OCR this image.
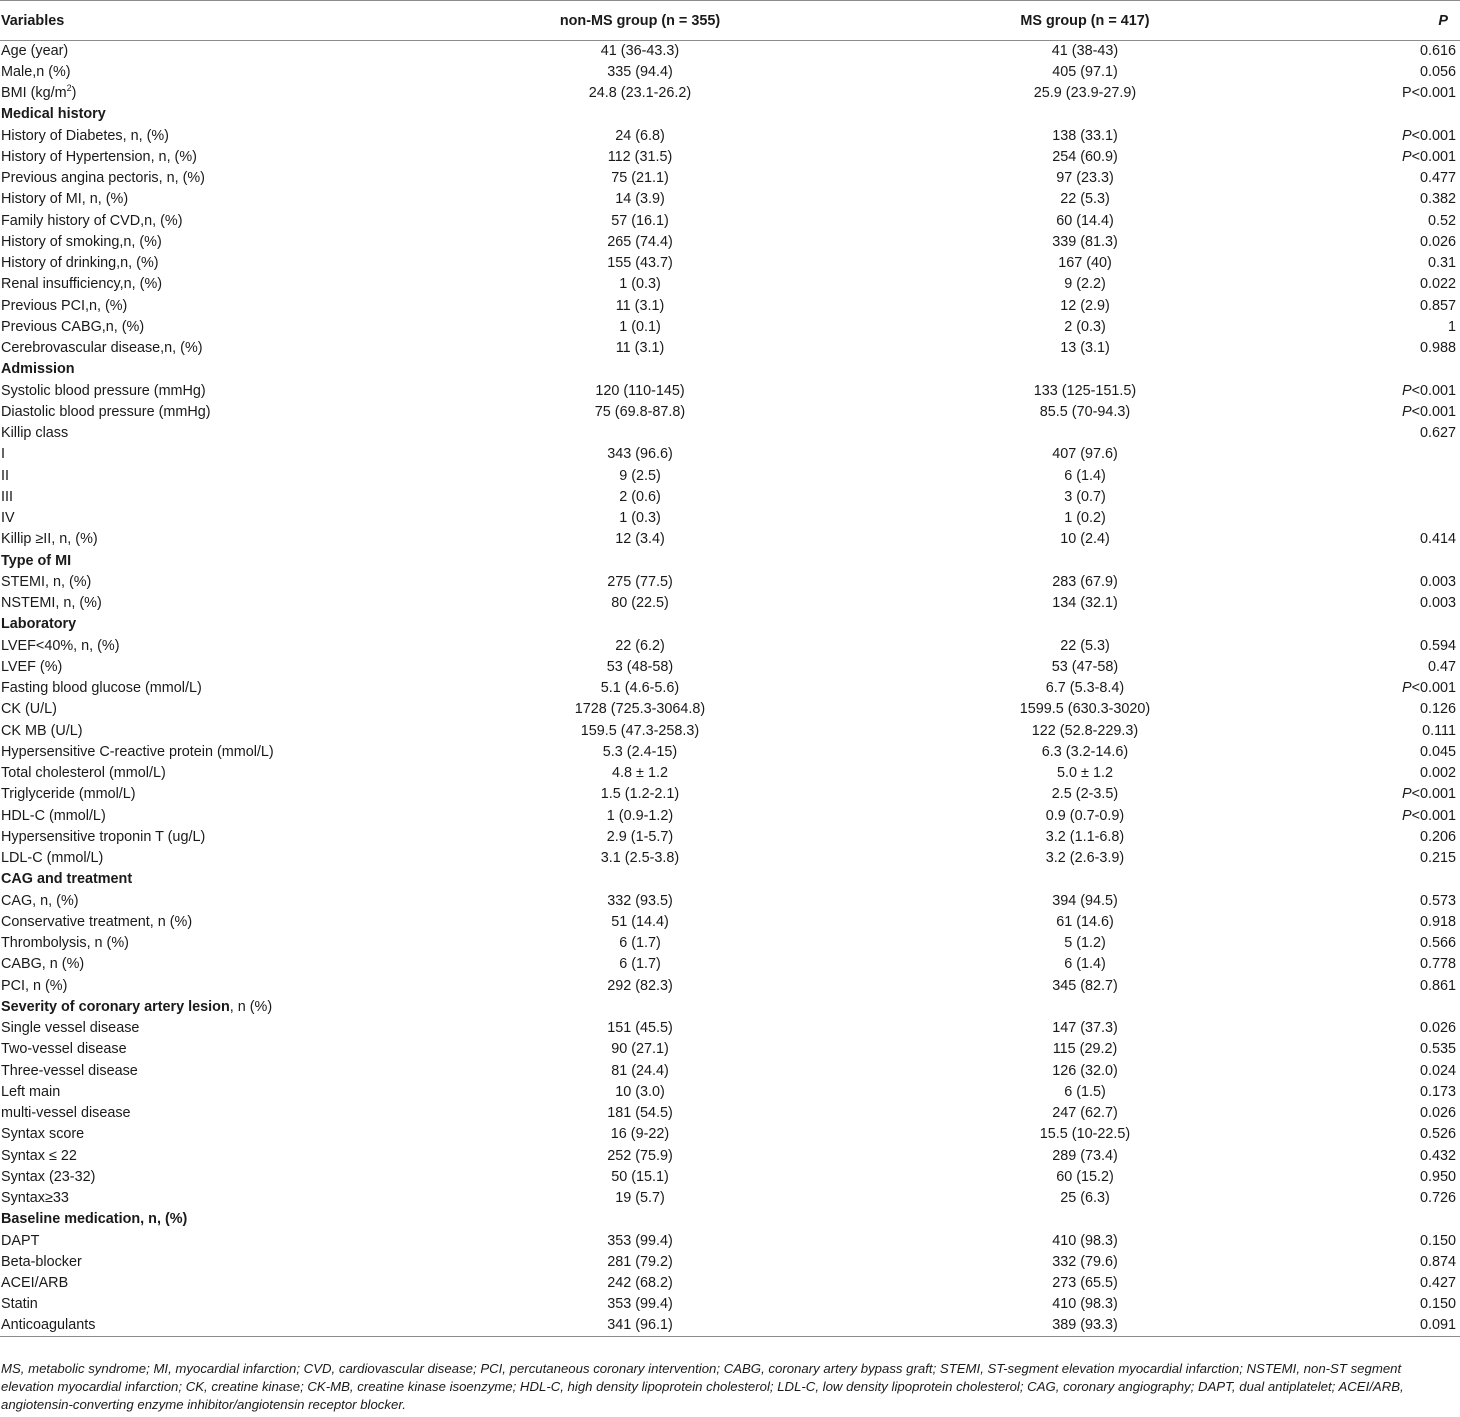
Variables	non-MS group (n = 355)	MS group (n = 417)	P
Age (year)	41 (36-43.3)	41 (38-43)	0.616
Male,n (%)	335 (94.4)	405 (97.1)	0.056
BMI $(kg/m^2)$	24.8 (23.1-26.2)	25.9 (23.9-27.9)	P<0.001
Medical history			
History of Diabetes, n, (%)	24 (6.8)	138 (33.1)	P<0.001
History of Hypertension, n, (%)	112 (31.5)	254 (60.9)	P<0.001
Previous angina pectoris, n, (%)	75 (21.1)	97 (23.3)	0.477
History of MI, n, (%)	14 (3.9)	22 (5.3)	0.382
Family history of CVD,n, (%)	57 (16.1)	60 (14.4)	0.52
History of smoking,n, (%)	265 (74.4)	339 (81.3)	0.026
History of drinking,n, (%)	155 (43.7)	167 (40)	0.31
Renal insufficiency,n, (%)	1 (0.3)	9 (2.2)	0.022
Previous PCI,n, (%)	11 (3.1)	12 (2.9)	0.857
Previous CABG,n, (%)	1 (0.1)	2 (0.3)	1
Cerebrovascular disease,n, (%)	11 (3.1)	13 (3.1)	0.988
Admission			
Systolic blood pressure (mmHg)	120 (110-145)	133 (125-151.5)	P<0.001
Diastolic blood pressure (mmHg)	75 (69.8-87.8)	85.5 (70-94.3)	P<0.001
Killip class			0.627
I	343 (96.6)	407 (97.6)	
II	9 (2.5)	6 (1.4)	
III	2 (0.6)	3 (0.7)	
IV	1 (0.3)	1 (0.2)	
Killip ≥II, n, (%)	12 (3.4)	10 (2.4)	0.414
Type of MI			
STEMI, n, (%)	275 (77.5)	283 (67.9)	0.003
NSTEMI, n, (%)	80 (22.5)	134 (32.1)	0.003
Laboratory			
LVEF<40%, n, (%)	22 (6.2)	22 (5.3)	0.594
LVEF (%)	53 (48-58)	53 (47-58)	0.47
Fasting blood glucose (mmol/L)	5.1 (4.6-5.6)	6.7 (5.3-8.4)	P<0.001
CK (U/L)	1728 (725.3-3064.8)	1599.5 (630.3-3020)	0.126
CK MB (U/L)	159.5 (47.3-258.3)	122 (52.8-229.3)	0.111
Hypersensitive C-reactive protein (mmol/L)	5.3 (2.4-15)	6.3 (3.2-14.6)	0.045
Total cholesterol (mmol/L)	4.8 ± 1.2	5.0 ± 1.2	0.002
Triglyceride (mmol/L)	1.5 (1.2-2.1)	2.5 (2-3.5)	P<0.001
HDL-C (mmol/L)	1 (0.9-1.2)	0.9 (0.7-0.9)	P<0.001
Hypersensitive troponin T (ug/L)	2.9 (1-5.7)	3.2 (1.1-6.8)	0.206
LDL-C (mmol/L)	3.1 (2.5-3.8)	3.2 (2.6-3.9)	0.215
CAG and treatment			
CAG, n, (%)	332 (93.5)	394 (94.5)	0.573
Conservative treatment, n (%)	51 (14.4)	61 (14.6)	0.918
Thrombolysis, n (%)	6 (1.7)	5 (1.2)	0.566
CABG, n (%)	6 (1.7)	6 (1.4)	0.778
PCI, n (%)	292 (82.3)	345 (82.7)	0.861
Severity of coronary artery lesion, n (%)			
Single vessel disease	151 (45.5)	147 (37.3)	0.026
Two-vessel disease	90 (27.1)	115 (29.2)	0.535
Three-vessel disease	81 (24.4)	126 (32.0)	0.024
Left main	10 (3.0)	6 (1.5)	0.173
multi-vessel disease	181 (54.5)	247 (62.7)	0.026
Syntax score	16 (9-22)	15.5 (10-22.5)	0.526
Syntax ≤ 22	252 (75.9)	289 (73.4)	0.432
Syntax (23-32)	50 (15.1)	60 (15.2)	0.950
Syntax≥33	19 (5.7)	25 (6.3)	0.726
Baseline medication, n, (%)			
DAPT	353 (99.4)	410 (98.3)	0.150
Beta-blocker	281 (79.2)	332 (79.6)	0.874
ACEI/ARB	242 (68.2)	273 (65.5)	0.427
Statin	353 (99.4)	410 (98.3)	0.150
Anticoagulants	341 (96.1)	389 (93.3)	0.091
MS, metabolic syndrome; MI, myocardial infarction; CVD, cardiovascular disease; PCI, percutaneous coronary intervention; CABG, coronary artery bypass graft; STEMI, ST-segment elevation myocardial infarction; NSTEMI, non-ST segment elevation myocardial infarction; CK, creatine kinase; CK-MB, creatine kinase isoenzyme; HDL-C, high density lipoprotein cholesterol; LDL-C, low density lipoprotein cholesterol; CAG, coronary angiography; DAPT, dual antiplatelet; ACEI/ARB, angiotensin-converting enzyme inhibitor/angiotensin receptor blocker.
